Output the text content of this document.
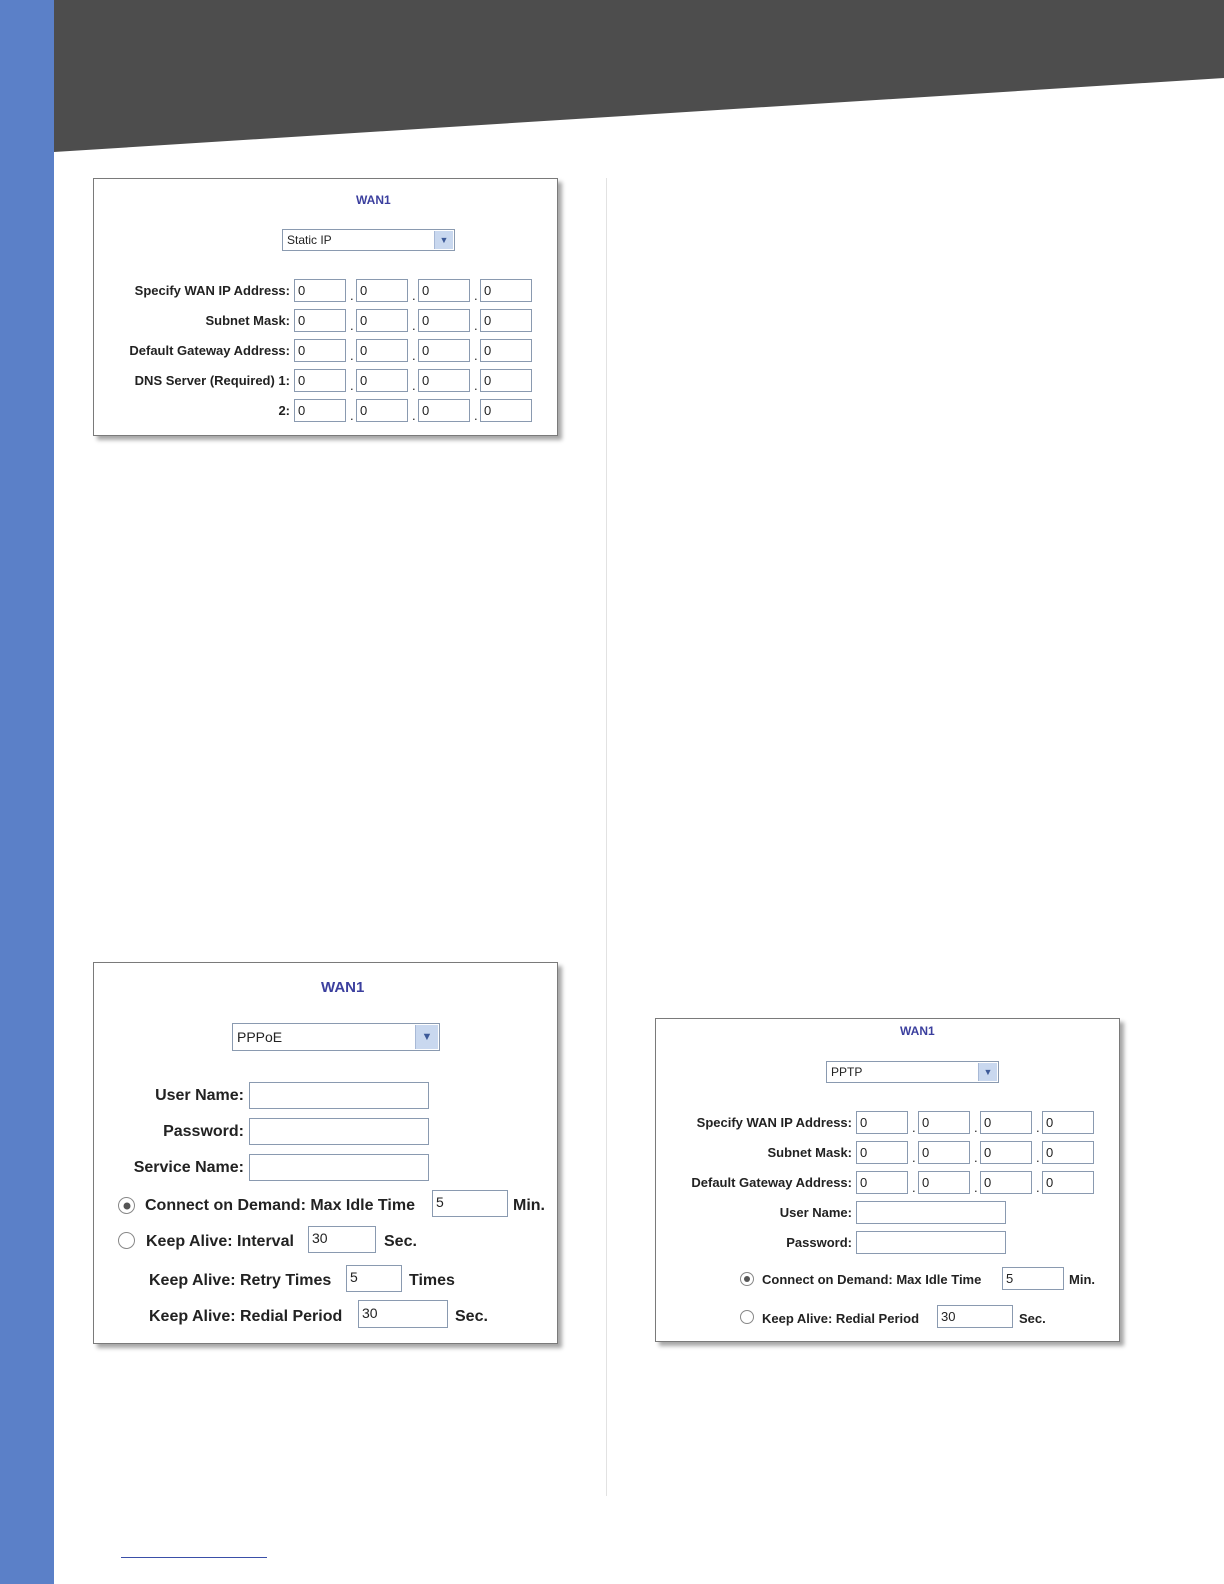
WAN1
Static IP	▼
Specify WAN IP Address: 0	. 0	. 0	. 0
Subnet Mask: 0	. 0	. 0	. 0
Default Gateway Address: 0	. 0	. 0	. 0
DNS Server (Required) 1: 0	. 0	. 0	. 0
2: 0	. 0	. 0	. 0
WAN1
PPPoE	▼
User Name:
Password:
Service Name:
Connect on Demand: Max Idle Time 5	Min.
Keep Alive: Interval 30	Sec.
Keep Alive: Retry Times 5	Times
Keep Alive: Redial Period 30	Sec.
WAN1
PPTP	▼
Specify WAN IP Address: 0	. 0	. 0	. 0
Subnet Mask: 0	. 0	. 0	. 0
Default Gateway Address: 0	. 0	. 0	. 0
User Name:
Password:
Connect on Demand: Max Idle Time	5	Min.
Keep Alive: Redial Period	30	Sec.
